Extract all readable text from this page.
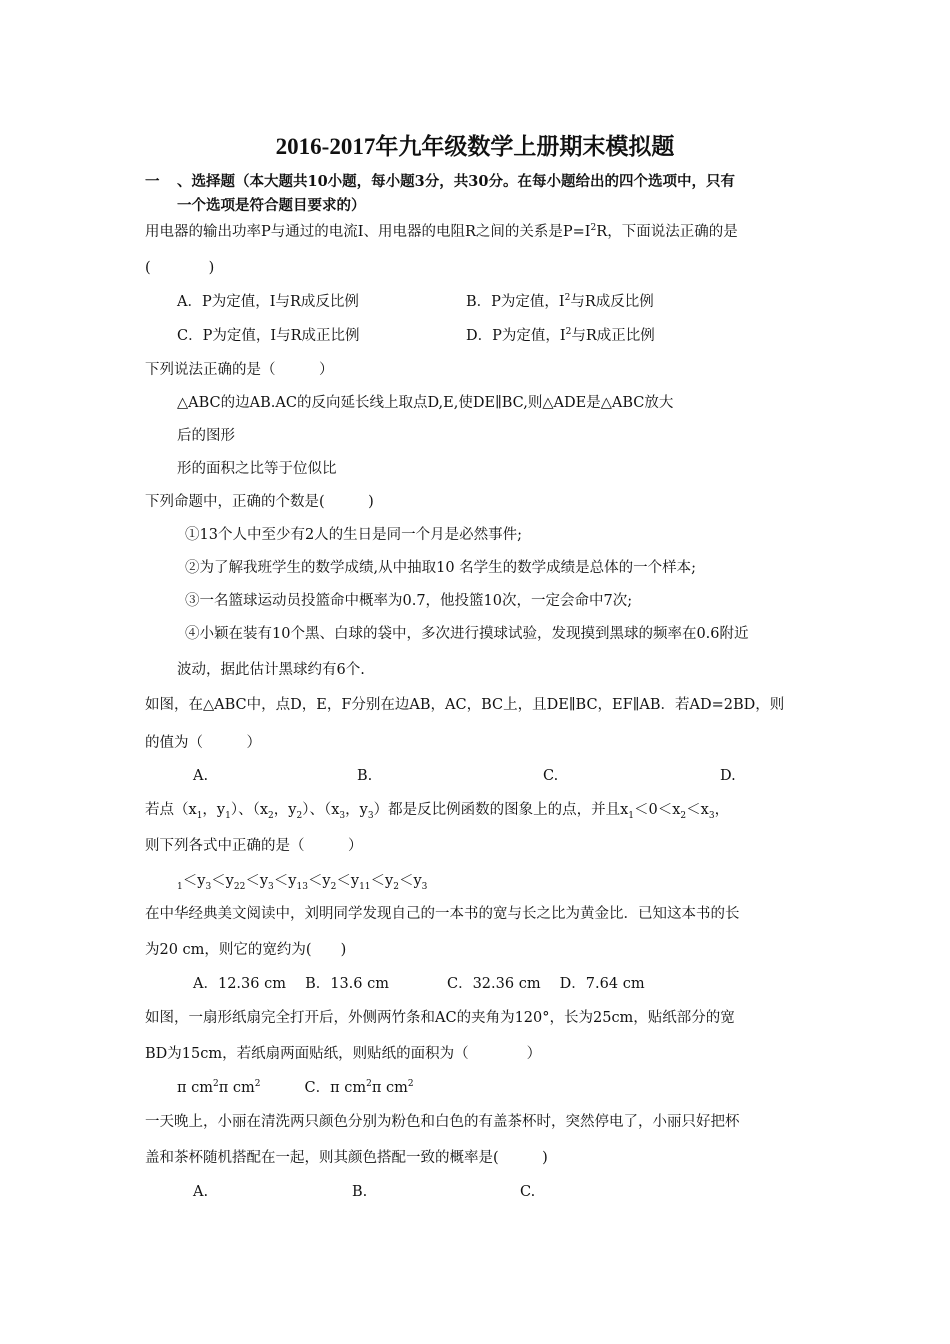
2016-2017年九年级数学上册期末模拟题
一 、选择题（本大题共10小题，每小题3分，共30分。在每小题给出的四个选项中，只有
一个选项是符合题目要求的）
用电器的输出功率P与通过的电流I、用电器的电阻R之间的关系是$P=I^2R$，下面说法正确的是
(　　　　)
A．P为定值，I与R成反比例	B．P为定值，$I^2$与R成反比例
C．P为定值，I与R成正比例	D．P为定值，$I^2$与R成正比例
下列说法正确的是（　　　）
△ABC的边AB.AC的反向延长线上取点D,E,使DE∥BC,则△ADE是△ABC放大
后的图形
形的面积之比等于位似比
下列命题中，正确的个数是(　　　)
①13个人中至少有2人的生日是同一个月是必然事件;
②为了解我班学生的数学成绩,从中抽取10 名学生的数学成绩是总体的一个样本;
③一名篮球运动员投篮命中概率为0.7，他投篮10次，一定会命中7次;
④小颖在装有10个黑、白球的袋中，多次进行摸球试验，发现摸到黑球的频率在0.6附近
波动，据此估计黑球约有6个.
如图，在△ABC中，点D，E，F分别在边AB，AC，BC上，且DE∥BC，EF∥AB．若AD=2BD，则
的值为（　　　）
A.	B.	C.	D.
若点（$x_1$，$y_1$）、（$x_2$，$y_2$）、（$x_3$，$y_3$）都是反比例函数的图象上的点，并且$x_1<0<x_2<x_3$，
则下列各式中正确的是（　　　）
$_1<y_3<y_{22}<y_3<y_{13}<y_2<y_{11}<y_2<y_3$
在中华经典美文阅读中，刘明同学发现自己的一本书的宽与长之比为黄金比．已知这本书的长
为20 cm，则它的宽约为(　　)
A．12.36 cm　 B．13.6 cm　　　　C．32.36 cm　 D．7.64 cm
如图，一扇形纸扇完全打开后，外侧两竹条和AC的夹角为120°，长为25cm，贴纸部分的宽
BD为15cm，若纸扇两面贴纸，则贴纸的面积为（　　　　）
π $cm^2\pi$ $cm^2$	C．π $cm^2\pi$ $cm^2$
一天晚上，小丽在清洗两只颜色分别为粉色和白色的有盖茶杯时，突然停电了，小丽只好把杯
盖和茶杯随机搭配在一起，则其颜色搭配一致的概率是(　　　)
A.	B.	C.
